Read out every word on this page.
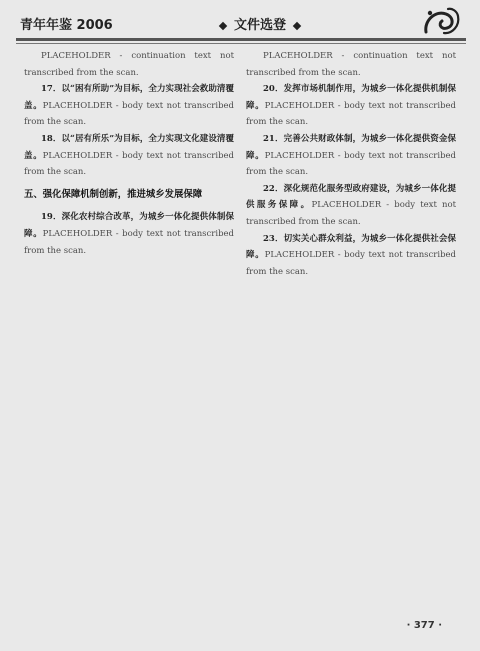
青年年鉴 2006	文件选登

PLACEHOLDER - continuation text not transcribed from the scan.

17．以“困有所助”为目标，全力实现社会救助清覆盖。PLACEHOLDER - body text not transcribed from the scan.

18．以“居有所乐”为目标，全力实现文化建设清覆盖。PLACEHOLDER - body text not transcribed from the scan.

五、强化保障机制创新，推进城乡发展保障

19．深化农村综合改革，为城乡一体化提供体制保障。PLACEHOLDER - body text not transcribed from the scan.

PLACEHOLDER - continuation text not transcribed from the scan.

20．发挥市场机制作用，为城乡一体化提供机制保障。PLACEHOLDER - body text not transcribed from the scan.

21．完善公共财政体制，为城乡一体化提供资金保障。PLACEHOLDER - body text not transcribed from the scan.

22．深化规范化服务型政府建设，为城乡一体化提供服务保障。PLACEHOLDER - body text not transcribed from the scan.

23．切实关心群众利益，为城乡一体化提供社会保障。PLACEHOLDER - body text not transcribed from the scan.

· 377 ·
